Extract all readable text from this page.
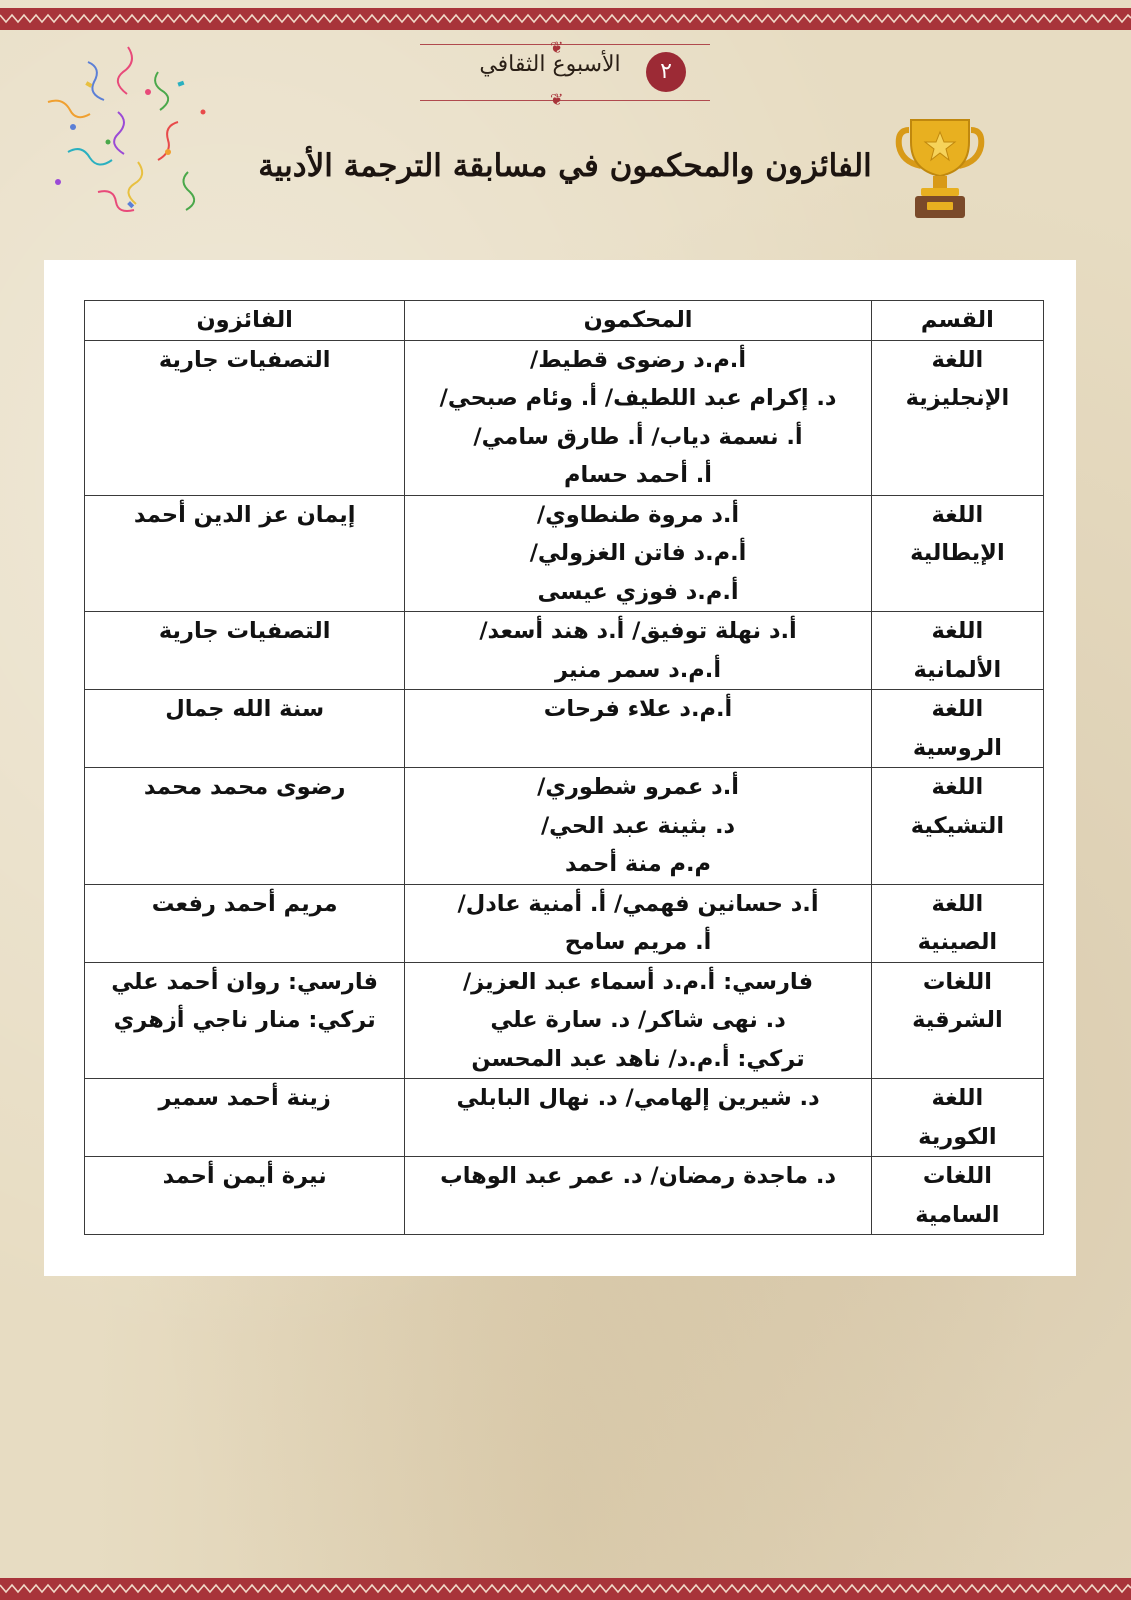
❦
❦
الأسبوع الثقافي	٢
الفائزون والمحكمون في مسابقة الترجمة الأدبية
القسم	المحكمون	الفائزون

اللغة
الإنجليزية	أ.م.د رضوى قطيط/
د. إكرام عبد اللطيف/ أ. وئام صبحي/
أ. نسمة دياب/ أ. طارق سامي/
أ. أحمد حسام	التصفيات جارية

اللغة
الإيطالية	أ.د مروة طنطاوي/
أ.م.د فاتن الغزولي/
أ.م.د فوزي عيسى	إيمان عز الدين أحمد

اللغة
الألمانية	أ.د نهلة توفيق/ أ.د هند أسعد/
أ.م.د سمر منير	التصفيات جارية

اللغة
الروسية	أ.م.د علاء فرحات	سنة الله جمال

اللغة
التشيكية	أ.د عمرو شطوري/
د. بثينة عبد الحي/
م.م منة أحمد	رضوى محمد محمد

اللغة
الصينية	أ.د حسانين فهمي/ أ. أمنية عادل/
أ. مريم سامح	مريم أحمد رفعت

اللغات
الشرقية	فارسي: أ.م.د أسماء عبد العزيز/
د. نهى شاكر/ د. سارة علي
تركي: أ.م.د/ ناهد عبد المحسن	فارسي: روان أحمد علي
تركي: منار ناجي أزهري

اللغة
الكورية	د. شيرين إلهامي/ د. نهال البابلي	زينة أحمد سمير

اللغات
السامية	د. ماجدة رمضان/ د. عمر عبد الوهاب	نيرة أيمن أحمد
